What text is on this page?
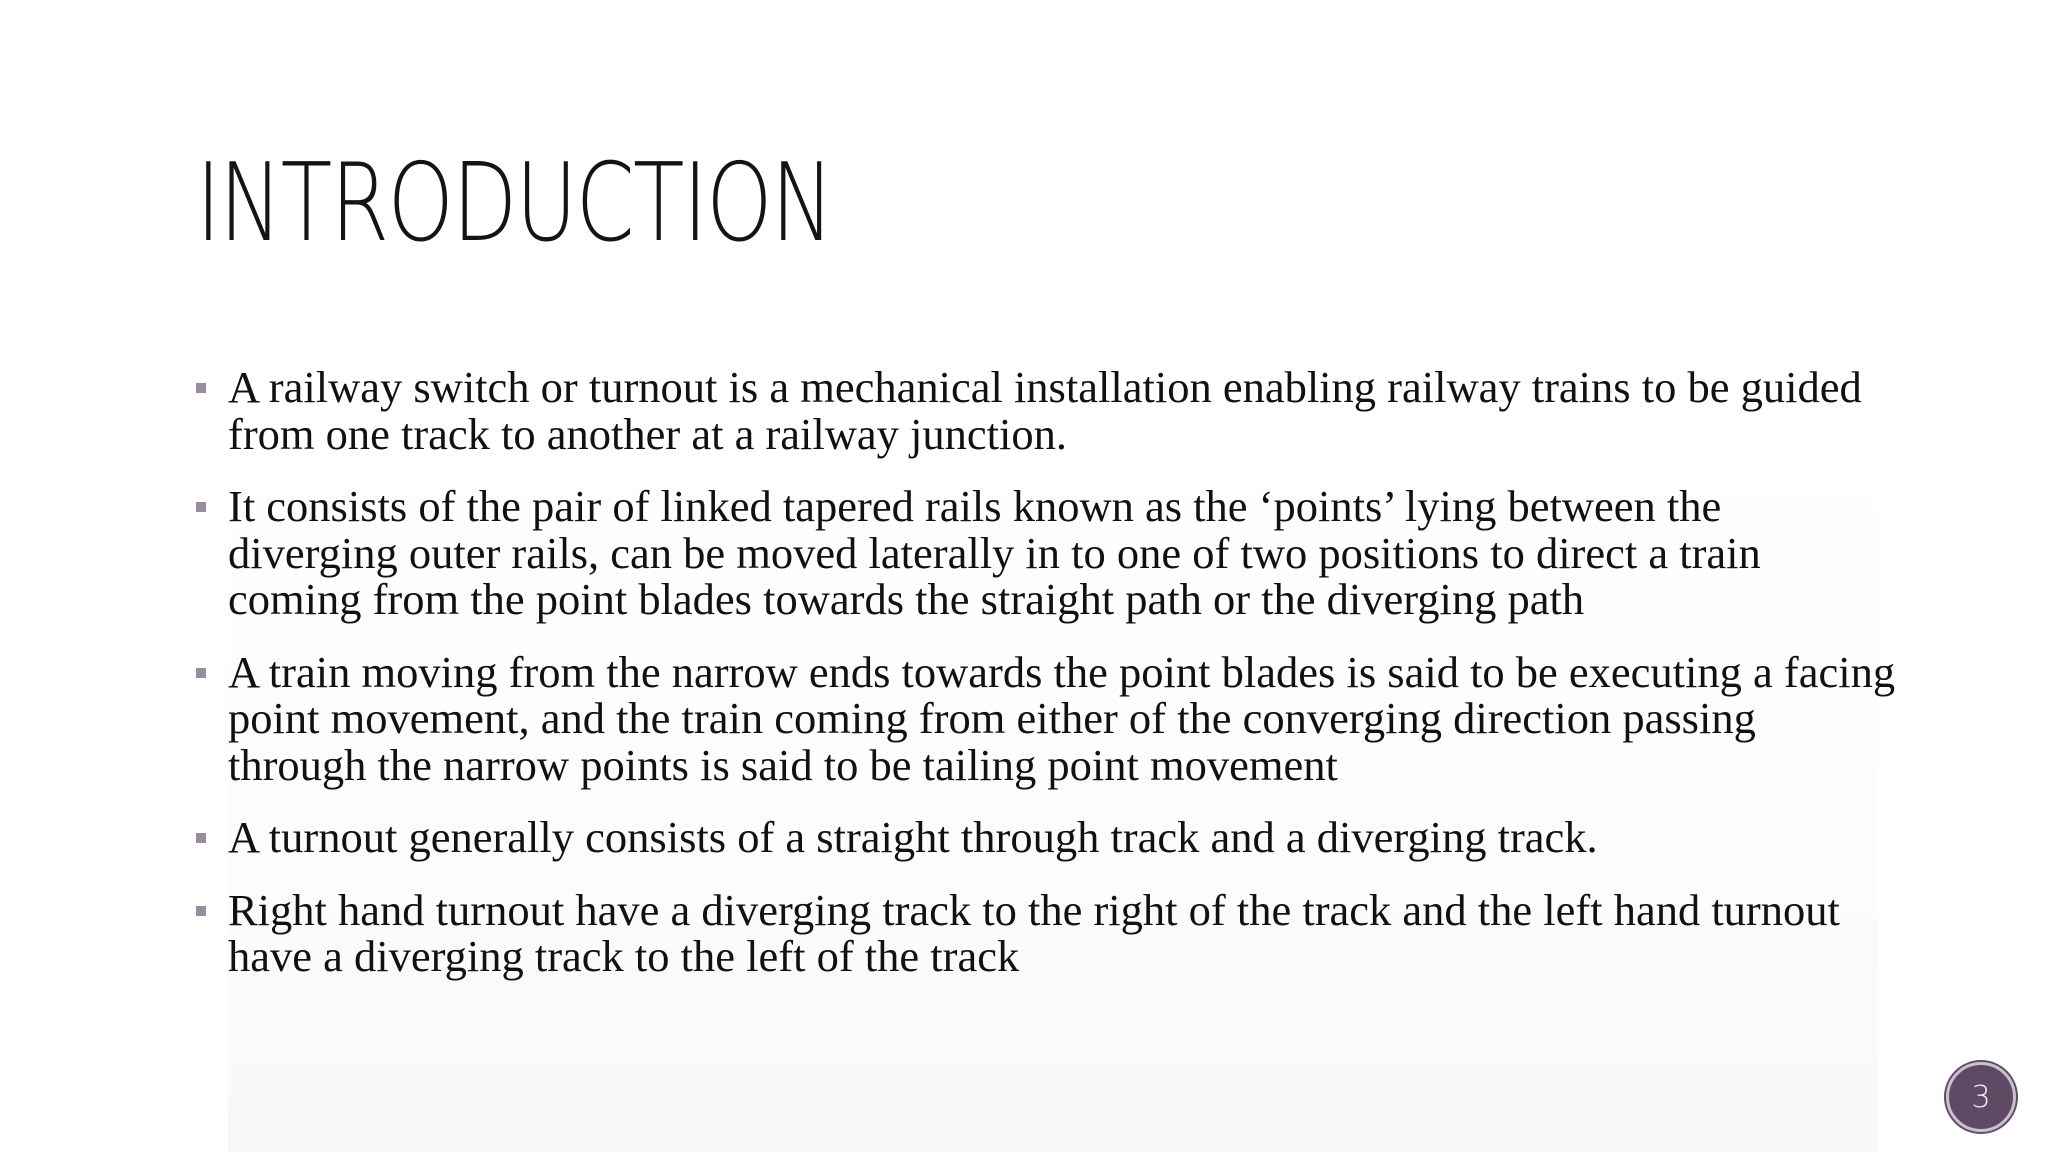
INTRODUCTION
A railway switch or turnout is a mechanical installation enabling railway trains to be guided from one track to another at a railway junction.
It consists of the pair of linked tapered rails known as the ‘points’ lying between the diverging outer rails, can be moved laterally in to one of two positions to direct a train coming from the point blades towards the straight path or the diverging path
A train moving from the narrow ends towards the point blades is said to be executing a facing point movement, and the train coming from either of the converging direction passing through the narrow points is said to be tailing point movement
A turnout generally consists of a straight through track and a diverging track.
Right hand turnout have a diverging track to the right of the track and the left hand turnout have a diverging track to the left of the track
3
